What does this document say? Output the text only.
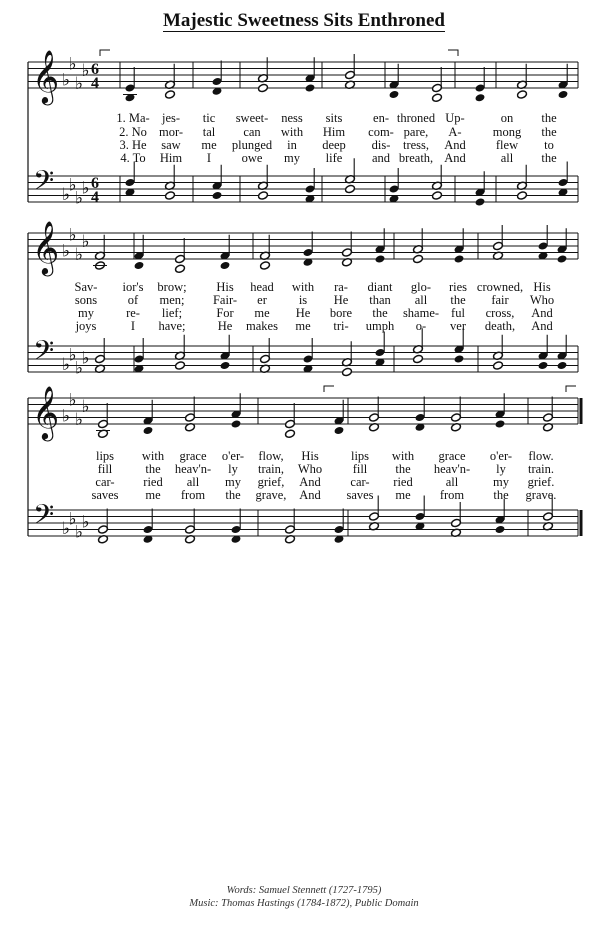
Majestic Sweetness Sits Enthroned
𝄞
𝄢
♭
♭
♭
♭
♭
♭
♭
♭
6
4
6
4
1. Ma- jes- tic sweet- ness sits en- throned Up-	on the
2. No mor- tal can with Him com- pare, A- mong the
3. He saw me plunged in deep dis- tress, And flew to
4. To Him I owe my life and breath, And	all the
𝄞
𝄢
♭
♭
♭
♭
♭
♭
♭
♭
Sav- ior's brow; His head with ra- diant glo- ries crowned, His
sons of men; Fair- er	is He than all the fair Who
my	re- lief;	For me He bore the shame- ful cross, And
joys	I have;	He makes me tri- umph o- ver death, And
𝄞
𝄢
♭
♭
♭
♭
♭
♭
♭
♭
lips with grace o'er- flow, His	lips with grace o'er- flow.
fill	the heav'n- ly train, Who fill the heav'n- ly train.
car- ried all my grief, And car- ried	all	my grief.
saves me from the grave, And saves me from the grave.
Words: Samuel Stennett (1727-1795)
Music: Thomas Hastings (1784-1872), Public Domain
